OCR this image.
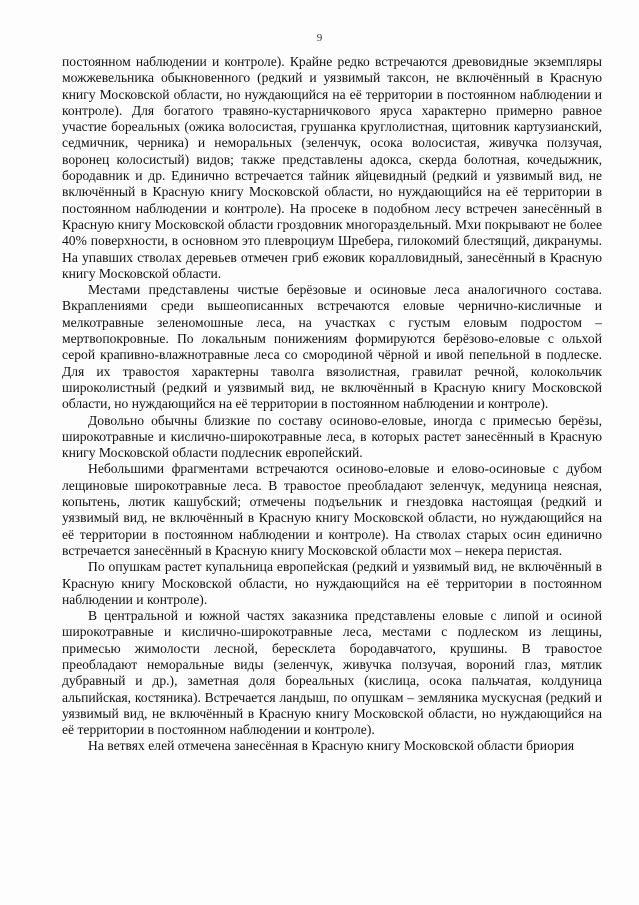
9

постоянном наблюдении и контроле). Крайне редко встречаются древовидные экземпляры можжевельника обыкновенного (редкий и уязвимый таксон, не включённый в Красную книгу Московской области, но нуждающийся на её территории в постоянном наблюдении и контроле). Для богатого травяно-кустарничкового яруса характерно примерно равное участие бореальных (ожика волосистая, грушанка круглолистная, щитовник картузианский, седмичник, черника) и неморальных (зеленчук, осока волосистая, живучка ползучая, воронец колосистый) видов; также представлены адокса, скерда болотная, кочедыжник, бородавник и др. Единично встречается тайник яйцевидный (редкий и уязвимый вид, не включённый в Красную книгу Московской области, но нуждающийся на её территории в постоянном наблюдении и контроле). На просеке в подобном лесу встречен занесённый в Красную книгу Московской области гроздовник многораздельный. Мхи покрывают не более 40% поверхности, в основном это плевроциум Шребера, гилокомий блестящий, дикранумы. На упавших стволах деревьев отмечен гриб ежовик коралловидный, занесённый в Красную книгу Московской области.

Местами представлены чистые берёзовые и осиновые леса аналогичного состава. Вкраплениями среди вышеописанных встречаются еловые чернично-кисличные и мелкотравные зеленомошные леса, на участках с густым еловым подростом – мертвопокровные. По локальным понижениям формируются берёзово-еловые с ольхой серой крапивно-влажнотравные леса со смородиной чёрной и ивой пепельной в подлеске. Для их травостоя характерны таволга вязолистная, гравилат речной, колокольчик широколистный (редкий и уязвимый вид, не включённый в Красную книгу Московской области, но нуждающийся на её территории в постоянном наблюдении и контроле).

Довольно обычны близкие по составу осиново-еловые, иногда с примесью берёзы, широкотравные и кислично-широкотравные леса, в которых растет занесённый в Красную книгу Московской области подлесник европейский.

Небольшими фрагментами встречаются осиново-еловые и елово-осиновые с дубом лещиновые широкотравные леса. В травостое преобладают зеленчук, медуница неясная, копытень, лютик кашубский; отмечены подъельник и гнездовка настоящая (редкий и уязвимый вид, не включённый в Красную книгу Московской области, но нуждающийся на её территории в постоянном наблюдении и контроле). На стволах старых осин единично встречается занесённый в Красную книгу Московской области мох – некера перистая.

По опушкам растет купальница европейская (редкий и уязвимый вид, не включённый в Красную книгу Московской области, но нуждающийся на её территории в постоянном наблюдении и контроле).

В центральной и южной частях заказника представлены еловые с липой и осиной широкотравные и кислично-широкотравные леса, местами с подлеском из лещины, примесью жимолости лесной, бересклета бородавчатого, крушины. В травостое преобладают неморальные виды (зеленчук, живучка ползучая, вороний глаз, мятлик дубравный и др.), заметная доля бореальных (кислица, осока пальчатая, колдуница альпийская, костяника). Встречается ландыш, по опушкам – земляника мускусная (редкий и уязвимый вид, не включённый в Красную книгу Московской области, но нуждающийся на её территории в постоянном наблюдении и контроле).

На ветвях елей отмечена занесённая в Красную книгу Московской области бриория
